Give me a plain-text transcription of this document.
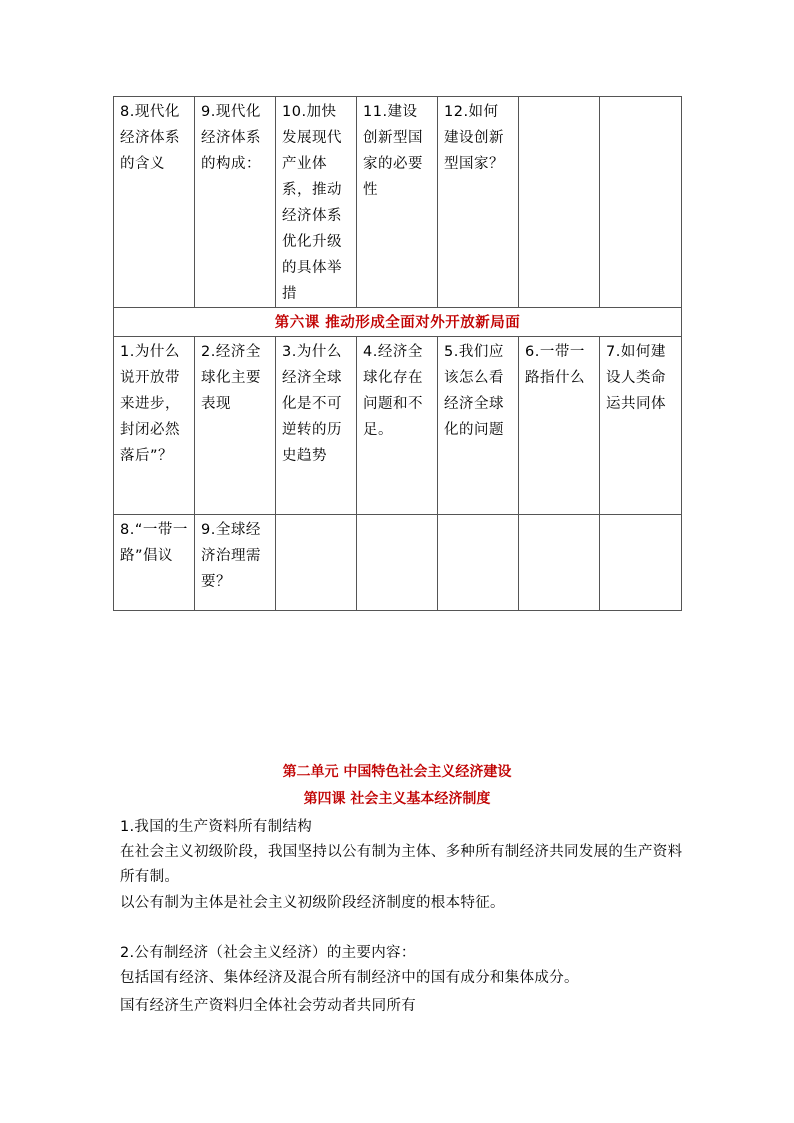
8.现代化经济体系的含义	9.现代化经济体系的构成：	10.加快发展现代产业体系，推动经济体系优化升级的具体举措	11.建设创新型国家的必要性	12.如何建设创新型国家？		
第六课 推动形成全面对外开放新局面						
1.为什么说开放带来进步，封闭必然落后”？	2.经济全球化主要表现	3.为什么经济全球化是不可逆转的历史趋势	4.经济全球化存在问题和不足。	5.我们应该怎么看经济全球化的问题	6.一带一路指什么	7.如何建设人类命运共同体
8.“一带一路”倡议	9.全球经济治理需要？					
第二单元 中国特色社会主义经济建设
第四课 社会主义基本经济制度
1.我国的生产资料所有制结构
在社会主义初级阶段，我国坚持以公有制为主体、多种所有制经济共同发展的生产资料所有制。
以公有制为主体是社会主义初级阶段经济制度的根本特征。
2.公有制经济（社会主义经济）的主要内容：
包括国有经济、集体经济及混合所有制经济中的国有成分和集体成分。
国有经济生产资料归全体社会劳动者共同所有
